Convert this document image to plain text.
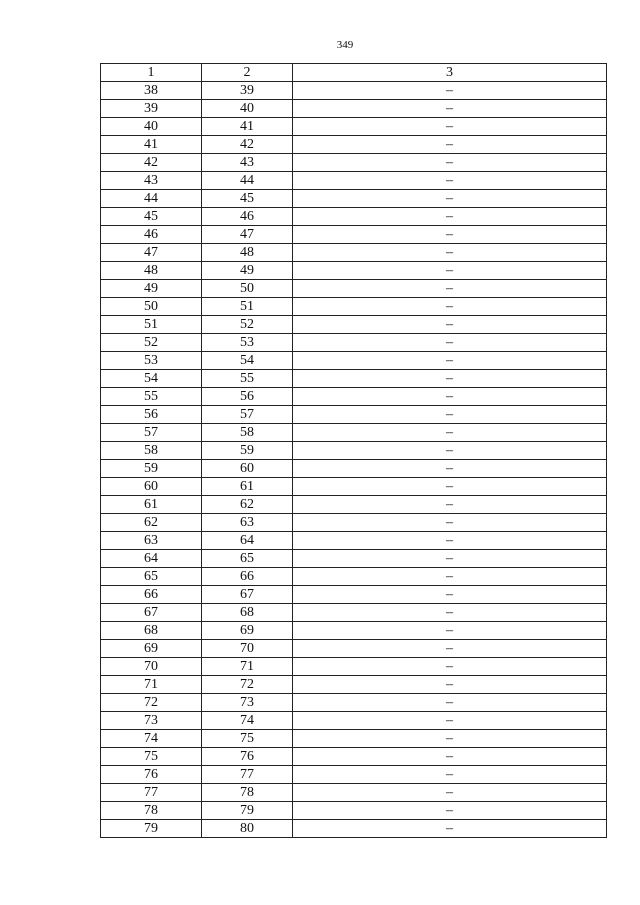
349
1	2	3
38	39	–
39	40	–
40	41	–
41	42	–
42	43	–
43	44	–
44	45	–
45	46	–
46	47	–
47	48	–
48	49	–
49	50	–
50	51	–
51	52	–
52	53	–
53	54	–
54	55	–
55	56	–
56	57	–
57	58	–
58	59	–
59	60	–
60	61	–
61	62	–
62	63	–
63	64	–
64	65	–
65	66	–
66	67	–
67	68	–
68	69	–
69	70	–
70	71	–
71	72	–
72	73	–
73	74	–
74	75	–
75	76	–
76	77	–
77	78	–
78	79	–
79	80	–
